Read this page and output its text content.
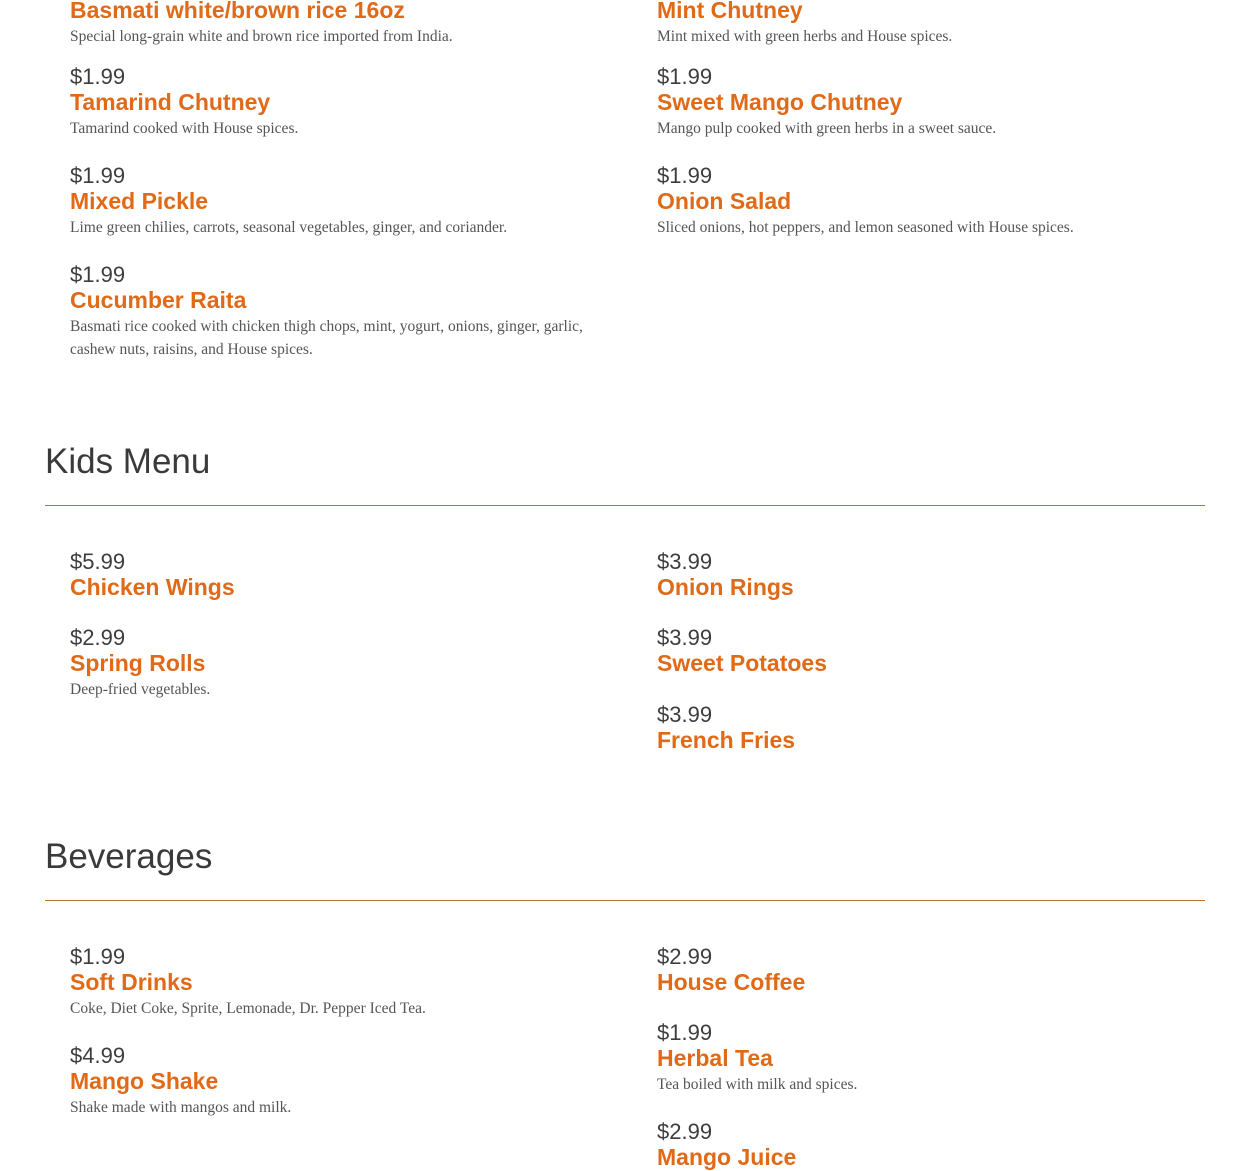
Basmati white/brown rice 16oz
Special long-grain white and brown rice imported from India.
Mint Chutney
Mint mixed with green herbs and House spices.
$1.99
Tamarind Chutney
Tamarind cooked with House spices.
$1.99
Sweet Mango Chutney
Mango pulp cooked with green herbs in a sweet sauce.
$1.99
Mixed Pickle
Lime green chilies, carrots, seasonal vegetables, ginger, and coriander.
$1.99
Onion Salad
Sliced onions, hot peppers, and lemon seasoned with House spices.
$1.99
Cucumber Raita
Basmati rice cooked with chicken thigh chops, mint, yogurt, onions, ginger, garlic, cashew nuts, raisins, and House spices.
Kids Menu
$5.99
Chicken Wings
$3.99
Onion Rings
$2.99
Spring Rolls
Deep-fried vegetables.
$3.99
Sweet Potatoes
$3.99
French Fries
Beverages
$1.99
Soft Drinks
Coke, Diet Coke, Sprite, Lemonade, Dr. Pepper Iced Tea.
$2.99
House Coffee
$4.99
Mango Shake
Shake made with mangos and milk.
$1.99
Herbal Tea
Tea boiled with milk and spices.
$2.99
Mango Juice
